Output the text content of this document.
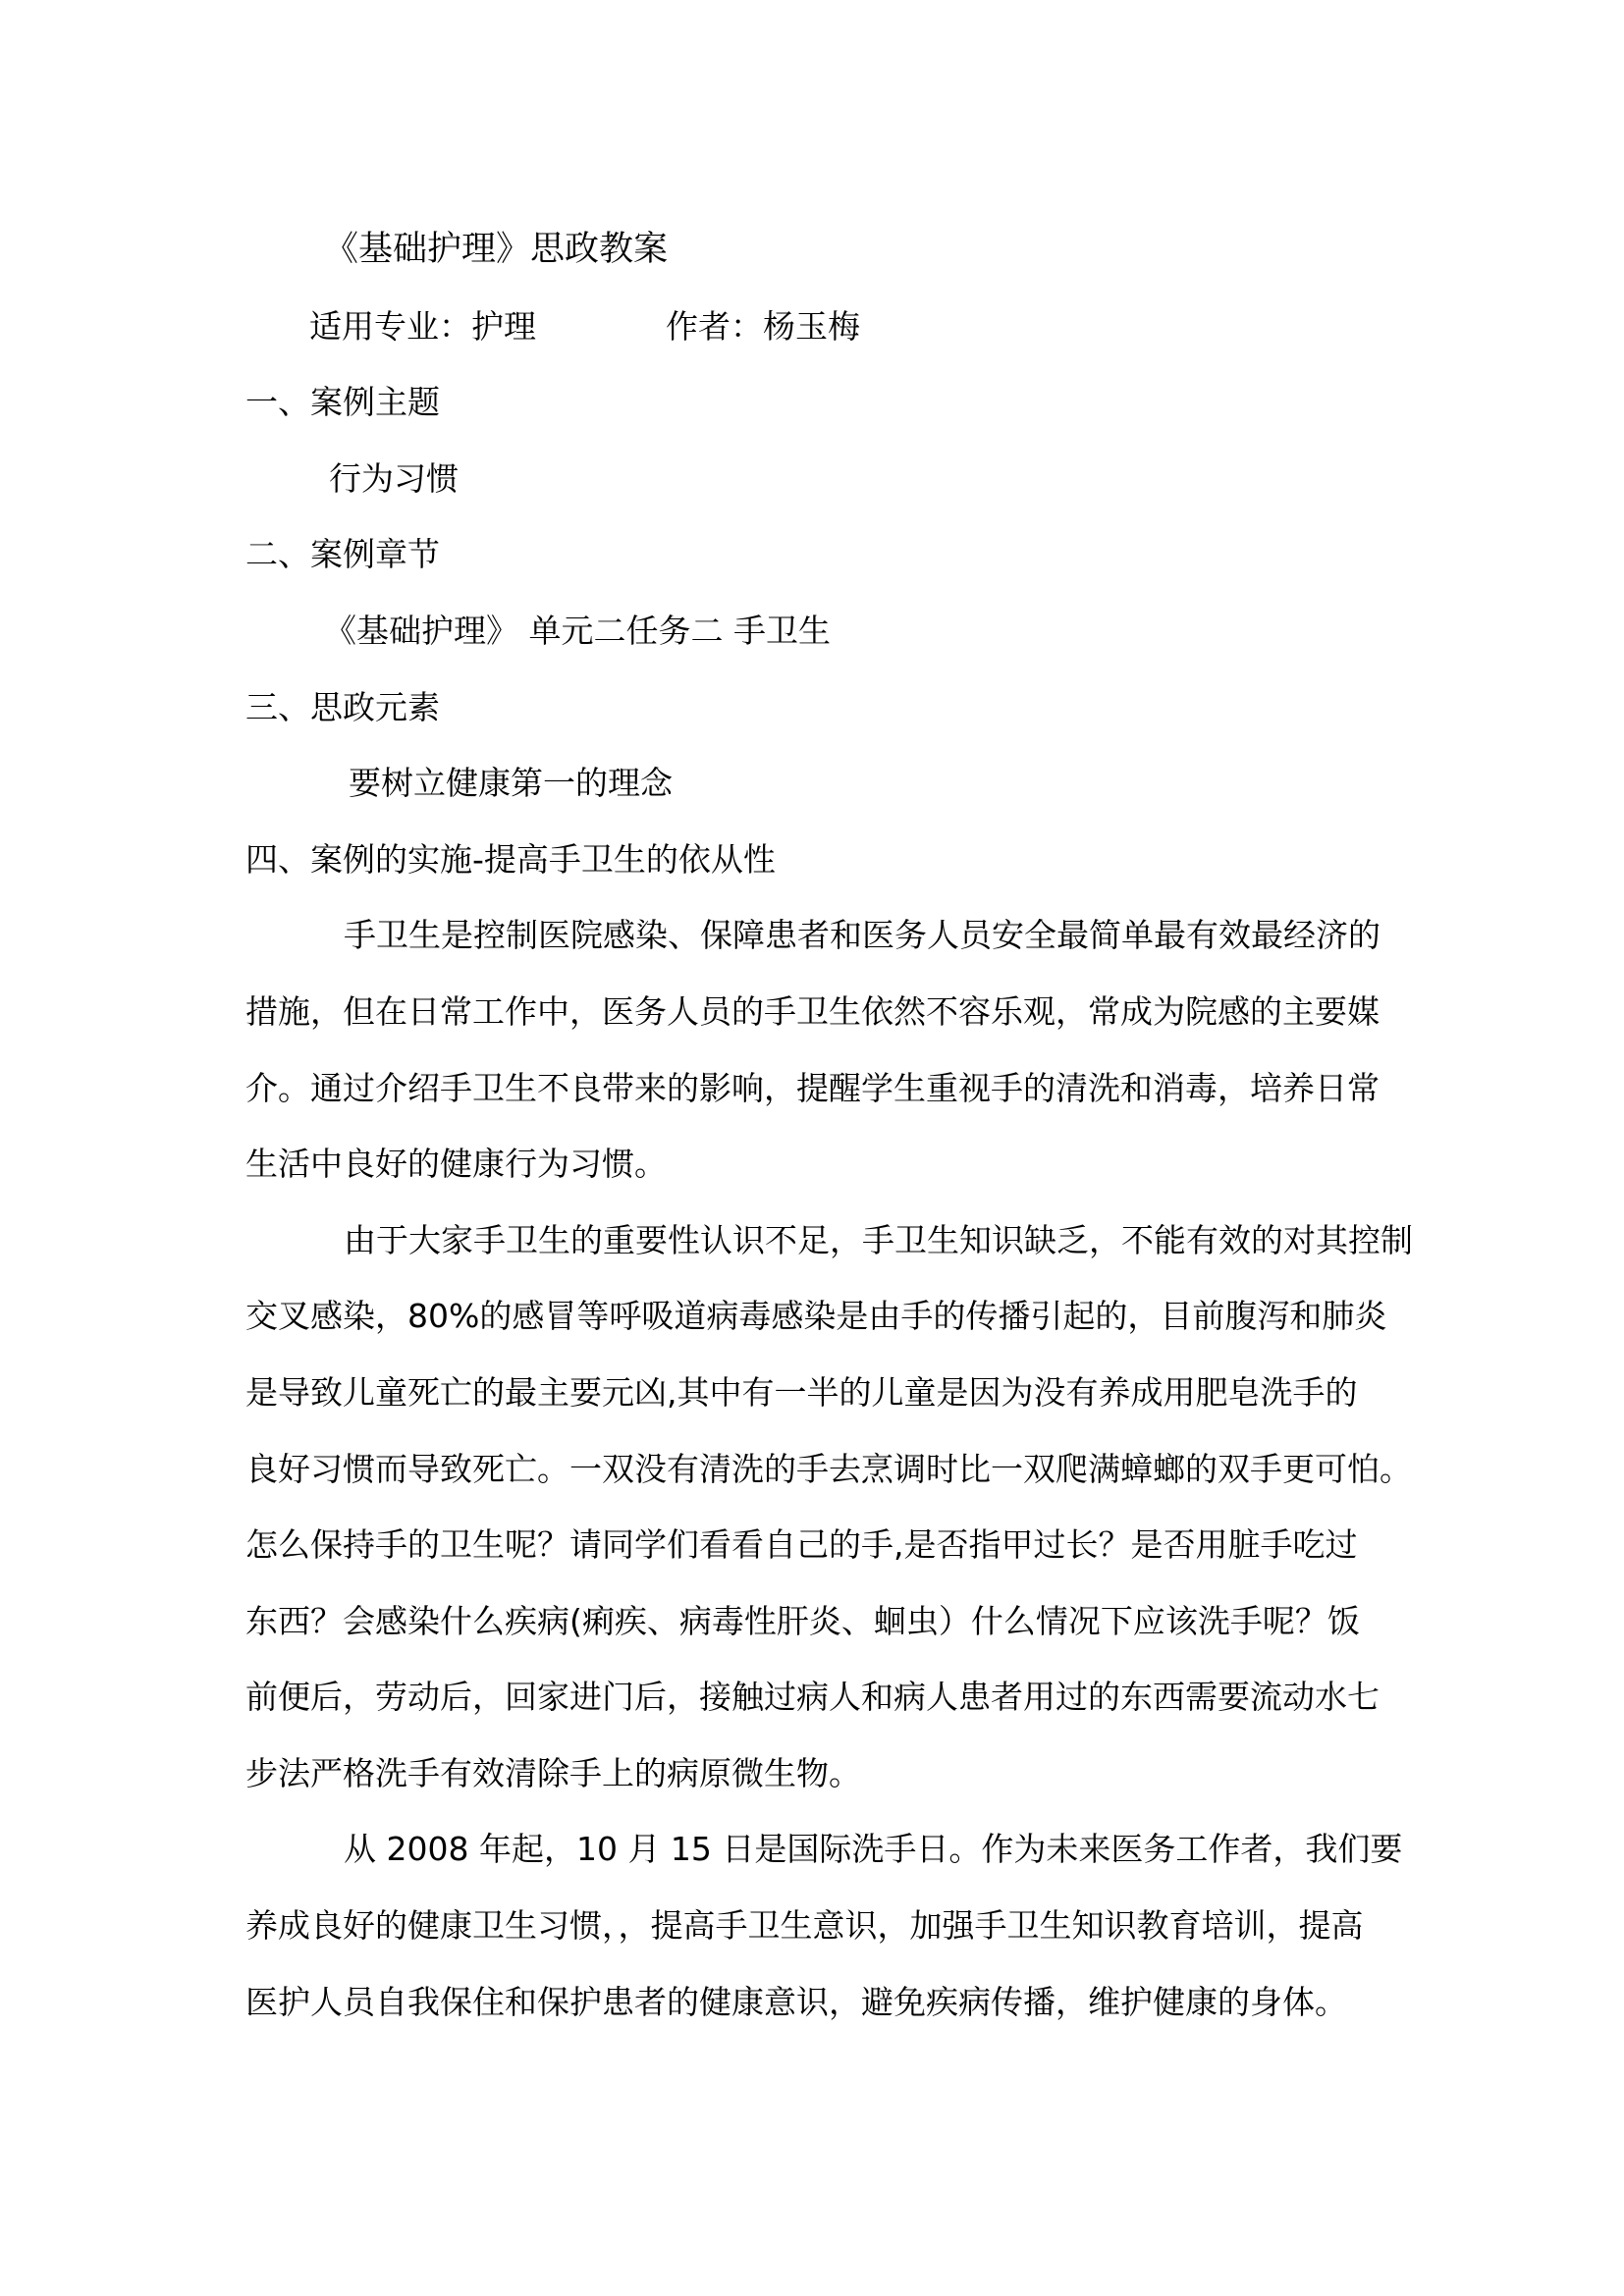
《基础护理》思政教案
适用专业：护理　　　　作者：杨玉梅
一、案例主题
行为习惯
二、案例章节
《基础护理》 单元二任务二 手卫生
三、思政元素
要树立健康第一的理念
四、案例的实施-提高手卫生的依从性
手卫生是控制医院感染、保障患者和医务人员安全最简单最有效最经济的
措施，但在日常工作中，医务人员的手卫生依然不容乐观，常成为院感的主要媒
介。通过介绍手卫生不良带来的影响，提醒学生重视手的清洗和消毒，培养日常
生活中良好的健康行为习惯。
由于大家手卫生的重要性认识不足，手卫生知识缺乏，不能有效的对其控制
交叉感染，80%的感冒等呼吸道病毒感染是由手的传播引起的，目前腹泻和肺炎
是导致儿童死亡的最主要元凶,其中有一半的儿童是因为没有养成用肥皂洗手的
良好习惯而导致死亡。一双没有清洗的手去烹调时比一双爬满蟑螂的双手更可怕。
怎么保持手的卫生呢？请同学们看看自己的手,是否指甲过长？是否用脏手吃过
东西？会感染什么疾病(痢疾、病毒性肝炎、蛔虫）什么情况下应该洗手呢？饭
前便后，劳动后，回家进门后，接触过病人和病人患者用过的东西需要流动水七
步法严格洗手有效清除手上的病原微生物。
从 2008 年起，10 月 15 日是国际洗手日。作为未来医务工作者，我们要
养成良好的健康卫生习惯，，提高手卫生意识，加强手卫生知识教育培训，提高
医护人员自我保住和保护患者的健康意识，避免疾病传播，维护健康的身体。
